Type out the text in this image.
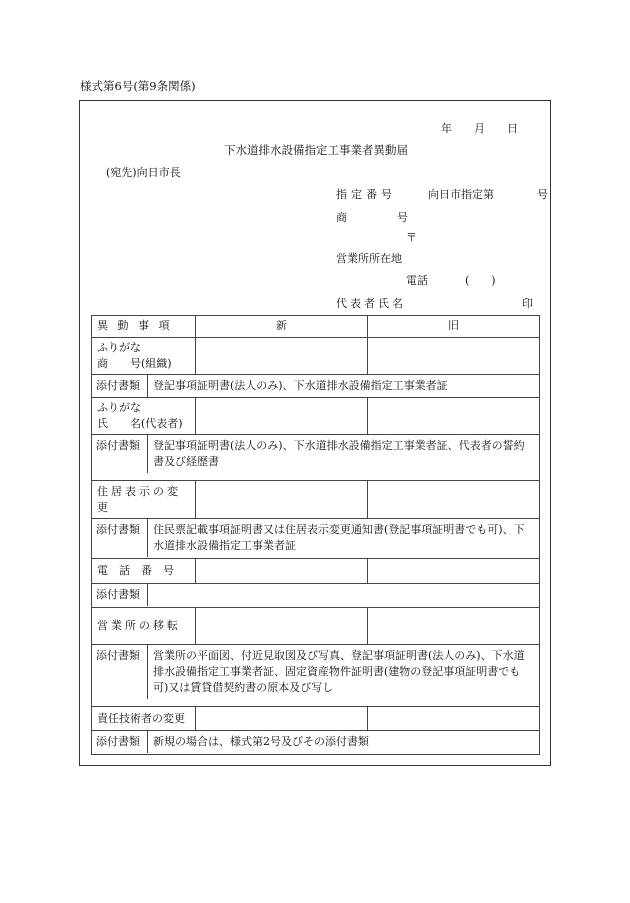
様式第6号(第9条関係)
年 月 日
下水道排水設備指定工事業者異動届
(宛先)向日市長
指定番号	向日市指定第	号
商	号
〒
営業所所在地
電話	(　　)
代表者氏名	印
異 動 事 項	新	旧

ふりがな
商　　号(組織)		

添付書類 登記事項証明書(法人のみ)、下水道排水設備指定工事業者証		

ふりがな
氏　　名(代表者)		

添付書類 登記事項証明書(法人のみ)、下水道排水設備指定工事業者証、代表者の誓約書及び経歴書		

住居表示の変更		

添付書類 住民票記載事項証明書又は住居表示変更通知書(登記事項証明書でも可)、下水道排水設備指定工事業者証		

電　話　番　号		

添付書類		

営業所の移転		

添付書類 営業所の平面図、付近見取図及び写真、登記事項証明書(法人のみ)、下水道排水設備指定工事業者証、固定資産物件証明書(建物の登記事項証明書でも可)又は賃貸借契約書の原本及び写し		

責任技術者の変更		

添付書類 新規の場合は、様式第2号及びその添付書類		
